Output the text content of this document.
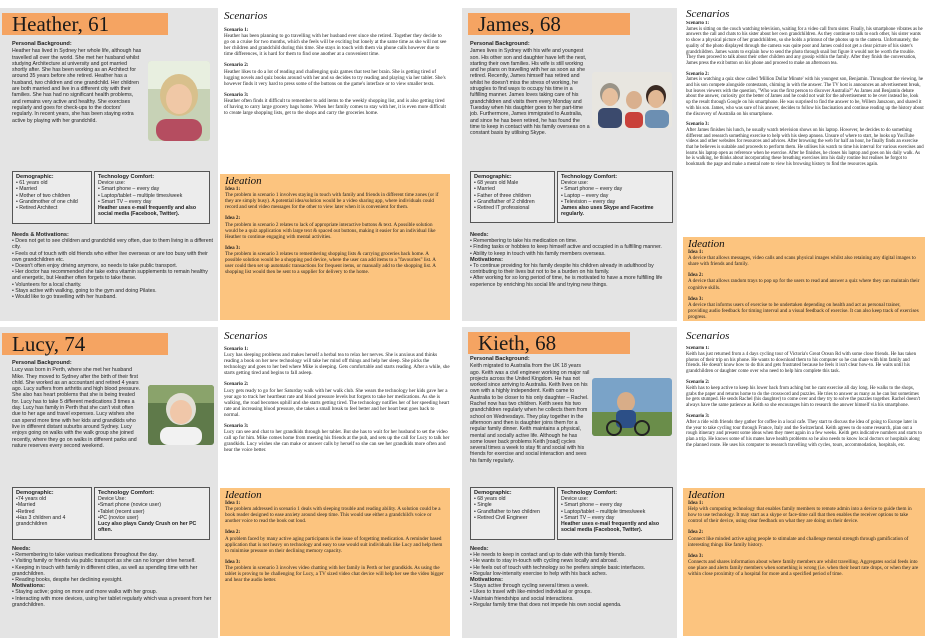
Heather, 61
Personal Background:
Heather has lived in Sydney her whole life, although has travelled all over the world. She met her husband whilst studying Architecture at university and got married shortly after. She has been working as an Architect for around 35 years before she retired. Heather has a husband, two children and one grandchild. Her children are both married and live in a different city with their families. She has had no significant health problems, and remains very active and healthy. She exercises regularly and goes for check-ups to the doctors' regularly. In recent years, she has been staying extra active by playing with her grandchild.
Demographic:
• 61 years old
• Married
• Mother of two children
• Grandmother of one child
• Retired Architect
Technology Comfort:
Device use:
• Smart phone – every day
• Laptop/tablet – multiple times/week
• Smart TV – every day
Heather uses e-mail frequently and also social media (Facebook, Twitter).
Needs & Motivations:
• Does not get to see children and grandchild very often, due to them living in a different city.
• Feels out of touch with old friends who either live overseas or are too busy with their own grandchildren etc.
• Doesn't often enjoy driving anymore, so needs to take public transport.
• Her doctor has recommended she take extra vitamin supplements to remain healthy and energetic, but Heather often forgets to take these.
• Volunteers for a local charity.
• Stays active with walking, going to the gym and doing Pilates.
• Would like to go travelling with her husband.
Scenarios

Scenario 1:
Heather has been planning to go travelling with her husband ever since she retired. Together they decide to go on a cruise for two months, which she feels will be exciting but lonely at the same time as she will not see her children and grandchild during this time. She stays in touch with them via phone calls however due to time differences, it is hard for them to find one another at a convenient time.

Scenario 2:
Heather likes to do a lot of reading and challenging quiz games that test her brain. She is getting tired of lugging novels and quiz books around with her and so decides to try reading and playing via her tablet. She's however finds it very hard to press some of the buttons on the game's interface or to view smaller texts.

Scenario 3:
Heather often finds it difficult to remember to add items to the weekly shopping list, and is also getting tired of having to carry large grocery bags home. When her family comes to stay with her, it is even more difficult to create large shopping lists, get to the shops and carry the groceries home.

Ideation

Idea 1:
The problem in scenario 1 involves staying in touch with family and friends in different time zones (or if they are simply busy). A potential idea/solution would be a video sharing app, where individuals could record and send video messages for the other to view later when it is convenient for them.

Idea 2:
The problem in scenario 2 relates to lack of appropriate interactive buttons & text. A possible solution would be a quiz application with large text & spaced out buttons, making it easier for an individual like Heather to continue engaging with mental activities.

Idea 3:
The problem in scenario 3 relates to remembering shopping lists & carrying groceries back home. A possible solution would be a shopping pod device, where the user can add items to a "favourites" list. A user could then set up automatic transactions for frequent items, or manually add to the shopping list. A shopping list would then be sent to a supplier for delivery to the home.

James, 68
Personal Background:
James lives in Sydney with his wife and youngest son. His other son and daughter have left the nest, starting their own families. His wife is still working and he plans on travelling with her as soon as she retired. Recently, James himself has retired and whilst he doesn't miss the stress of working, he struggles to find ways to occupy his time in a fulfilling manner. James loves taking care of his grandchildren and visits them every Monday and Tuesday when his daughter goes to her part-time job. Furthermore, James immigrated to Australia, and since he has been retired, he has found the time to keep in contact with his family overseas on a constant basis by utilising Skype.
Demographic:
• 68 years old Male
• Married
• Father of three children
• Grandfather of 2 children
• Retired IT professional
Technology Comfort:
Device use:
• Smart phone – every day
• Laptop – every day
• Television – every day
James also uses Skype and Facetime regularly.
Needs:
• Remembering to take his medication on time.
• Finding tasks or hobbies to keep himself active and occupied in a fulfilling manner.
• Ability to keep in touch with his family members overseas.
Motivations:
• To continue providing for his family despite his children already in adulthood by contributing to their lives but not to be a burden on his family.
• After working for so long period of time, he is motivated to have a more fulfilling life experience by enriching his social life and trying new things.
Scenarios

Scenario 1:
James is sitting on the couch watching television, waiting for a video call from sister. Finally, his smartphone vibrates as he answers the call and chats to his sister about her own grandchildren. As they continue to talk to each other, his sister wants to show a physical picture of her grandchildren, so she holds a printout of the photos up to the camera. Unfortunately, the quality of the photo displayed through the camera was quite poor and James could not get a clear picture of his sister's grandchildren. James wants to explain how to send the photo through snail but figure it would not be worth the trouble. They then proceed to talk about their other children and any gossip within the family. After they finish the conversation, James press the exit button on his phone and proceed to make an afternoon tea.

Scenario 2:
James is watching a quiz show called 'Million Dollar Minute' with his youngest son, Benjamin. Throughout the viewing, he and his son compete alongside contestants, chiming in with the answer. The TV host is announces an advertisement break, but leaves viewers with the question, "Who was the first person to discover Australia?" As James and Benjamin debate about the answer, curiosity got the better of James and he could not wait for the advertisement to be over instead he, look up the result through Google on his smartphone. He was surprised to find the answer to be, Willem Janszoon, and shared it with his son. James, who was sure of his answer, decides to follow his fascination and continue reading up the history about the discovery of Australia on his smartphone.

Scenario 3:
After James finishes his lunch, he usually watch television shows on his laptop. However, he decides to do something different and research something exercise to help with his sleep apnoea. Unsure of where to start, he looks up YouTube videos and other websites for resources and advices. After browsing the web for half an hour, he finally finds an exercise that he believes is suitable and proceeds to perform them. He utilises his watch to time his interval for various exercises and learns his laptop open as reference when he exercise. After he finishes, he closes his laptop and goes on his daily walk. As he is walking, he thinks about incorporating these breathing exercises into his daily routine but realises he forgot to bookmark the page and make a mental note to view his browsing history to find the resources again.

Ideation

Idea 1:
A device that allows messages, video calls and scans physical images whilst also retaining any digital images to share with friends and family.

Idea 2:
A device that allows random trays to pop up for the users to read and answer a quiz where they can maintain their cognitive skills.

Idea 3:
A device that informs users of exercise to be undertaken depending on health and act as personal trainer, providing audio feedback for timing interval and a visual feedback of exercise. It can also keep track of exercises progress.

Lucy, 74
Personal Background:
Lucy was born in Perth, where she met her husband Mike. They moved to Sydney after the birth of their first child. She worked as an accountant and retired 4 years ago. Lucy suffers from arthritis and high blood pressure. She also has heart problems that she is being treated for. Lucy has to take 5 different medications 3 times a day. Lucy has family in Perth that she can't visit often due to her age and travel expenses. Lucy wishes she can spend more time with her kids and grandkids who live in different distant suburbs around Sydney. Lucy enjoys going on walks with the walk group she joined recently, where they go on walks in different parks and nature reserves every second weekend.
Demographic:
•74 years old
•Married
•Retired
•Has 3 children and 4 grandchildren
Technology Comfort:
Device Use:
•Smart phone (novice user)
•Tablet (recent user)
•PC (novice user)
Lucy also plays Candy Crush on her PC often.
Needs:
• Remembering to take various medications throughout the day.
• Visiting family or friends via public transport as she can no longer drive herself.
• Keeping in touch with family in different cities, as well as spending time with her grandchildren.
• Reading books, despite her declining eyesight.
Motivations:
• Staying active; going on more and more walks with her group.
• Interacting with more devices, using her tablet regularly which was a present from her grandchildren.
Scenarios

Scenario 1:
Lucy has sleeping problems and makes herself a herbal tea to relax her nerves. She is anxious and thinks reading a book on her new technology will take her mind off things and help her sleep. She picks the technology and goes to her bed where Mike is sleeping. Gets comfortable and starts reading. After a while, she starts getting tired and begins to fall asleep.

Scenario 2:
Lucy gets ready to go for her Saturday walk with her walk club. She wears the technology her kids gave her a year ago to track her heartbeat rate and blood pressure levels but forgets to take her medications. As she is walking, the road becomes uphill and she starts getting tired. The technology notifies her of her speeding heart rate and increasing blood pressure, she takes a small break to feel better and her heart beat goes back to normal.

Scenario 3:
Lucy can see and chat to her grandkids through her tablet. But she has to wait for her husband to set the video call up for him. Mike comes home from meeting his friends at the pub, and sets up the call for Lucy to talk her grandkids. Lucy wishes she can make or answer calls by herself so she can see her grandkids more often and hear the voice better.

Ideation

Idea 1:
The problem addressed in scenario 1 deals with sleeping trouble and reading ability. A solution could be a book reader designed to ease anxiety around sleep time. This would use either a grandchild's voice or another voice to read the book out loud.

Idea 2:
A problem faced by many active aging participants is the issue of forgetting medication. A reminder based application that is not heavy on technology and easy to use would suit individuals like Lucy and help them to minimise pressure on their declining memory capacity.

Idea 3:
The problem in scenario 3 involves video chatting with her family in Perth or her grandkids. As using the tablet is proving to be challenging for Lucy, a TV sized video chat device will help her see the video bigger and hear the audio better.

Kieth, 68
Personal Background:
Keith migrated to Australia from the UK 18 years ago. Keith was a civil engineer working on major rail projects across the United Kingdom. He has not worked since arriving to Australia. Keith lives on his own with a highly independent. Keith came to Australia to be closer to his only daughter – Rachel. Rachel now has two children. Keith sees his two grandchildren regularly when he collects them from school on Wednesdays. They play together in the afternoon and then is daughter joins them for a regular family dinner. Keith maintains a physical, mental and socially active life. Although he has some lower back problems Keith [road] cycles several times a week to stay fit and social with his friends for exercise and social interaction and sees his family regularly.
Demographic:
• 68 years old
• Single
• Grandfather to two children
• Retired Civil Engineer
Technology Comfort:
Device use:
• Smart phone – every day
• Laptop/tablet – multiple times/week
• Smart TV – every day
Heather uses e-mail frequently and also social media (Facebook, Twitter).
Needs:
• He needs to keep in contact and up to date with this family friends.
• He wants to stay in-touch with cycling news locally and abroad.
• He feels out of touch with technology so he prefers simple basic interfaces.
• Regular low-intensity exercise to help with his back aches.
Motivations:
• Stays active through cycling several times a week.
• Likes to travel with like-minded individual or groups.
• Maintain friendships and social interactions.
• Regular family time that does not impede his own social agenda.
Scenarios

Scenario 1:
Keith has just returned from a 4 days cycling tour of Victoria's Great Ocean Rd with some close friends. He has taken photos of their trip on his phone. He wants to download them to his computer so he can share with him family and friends. He doesn't know how to do this and gets frustrated because he feels it isn't clear how-to. He waits until his grandchildren or daughter come over who need to help him complete this task.

Scenario 2:
Keith has to keep active to keep his lower back from aching but he cant exercise all day long. He walks to the shops, grabs the paper and returns home to do the crossword and puzzles. He tries to answer as many as he can but sometimes he gets stumped. He sends Rachel (his daughter) to come over and they try to solve the puzzles together. Rachel doesn't always have the same patience as Keith so she encourages him to research the answer himself via his smartphone.

Scenario 3:
After a ride with friends they gather for coffee in a local cafe. They start to discuss the idea of going to Europe later in the year to take cycling tour through France, Italy and the Switzerland. Keith agrees to do some research, plan out a rough itinerary and present some ideas when they meet again in a few weeks. Keith gets indicative numbers and starts to plan a trip. He knows some of his mates have health problems so he also needs to know local doctors or hospitals along the planned route. He uses his computer to research travelling with cycles, tours, accommodation, hospitals, etc.

Ideation

Idea 1:
Help with computing technology that enables family members to remote admin into a device to guide them in how to use technology. It may start as a skype or face-time call that then enables the receiver options to take control of their device, using clear feedback on what they are doing on their device.

Idea 2:
Connect like minded active aging people to stimulate and challenge mental strength through gamification of interesting things like family history.

Idea 3:
Connects and shares information about where family members are whilst travelling. Aggregates social feeds into one place and alerts family members when something is wrong (i.e. when their heart rate drops, or when they are within close proximity of a hospital for more and a specified period of time.
